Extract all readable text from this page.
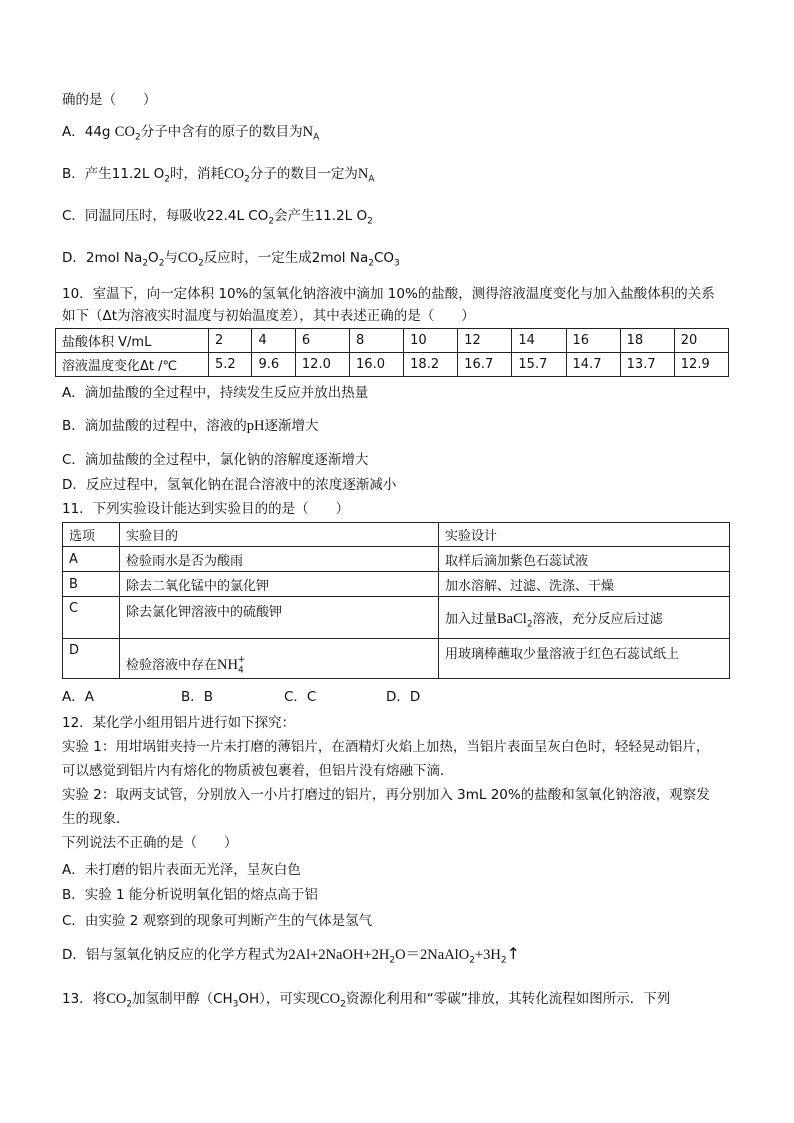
确的是（　　）
A．44g $CO_2$分子中含有的原子的数目为$N_A$
B．产生11.2L $O_2$时，消耗$CO_2$分子的数目一定为$N_A$
C．同温同压时，每吸收22.4L $CO_2$会产生11.2L $O_2$
D．2mol $Na_2O_2$与$CO_2$反应时，一定生成2mol $Na_2CO_3$
10．室温下，向一定体积 10%的氢氧化钠溶液中滴加 10%的盐酸，测得溶液温度变化与加入盐酸体积的关系
如下（Δt为溶液实时温度与初始温度差），其中表述正确的是（　　）
盐酸体积 V/mL	2	4	6	8	10	12	14	16	18	20
溶液温度变化Δt /℃	5.2	9.6	12.0	16.0	18.2	16.7	15.7	14.7	13.7	12.9
A．滴加盐酸的全过程中，持续发生反应并放出热量
B．滴加盐酸的过程中，溶液的pH逐渐增大
C．滴加盐酸的全过程中，氯化钠的溶解度逐渐增大
D．反应过程中，氢氧化钠在混合溶液中的浓度逐渐减小
11．下列实验设计能达到实验目的的是（　　）
选项	实验目的	实验设计
A	检验雨水是否为酸雨	取样后滴加紫色石蕊试液
B	除去二氧化锰中的氯化钾	加水溶解、过滤、洗涤、干燥
C	除去氯化钾溶液中的硫酸钾	加入过量BaCl$_2$溶液，充分反应后过滤
D	检验溶液中存在$NH_4^+$	用玻璃棒蘸取少量溶液于红色石蕊试纸上
A．A	B．B	C．C	D．D
12．某化学小组用铝片进行如下探究：
实验 1：用坩埚钳夹持一片未打磨的薄铝片，在酒精灯火焰上加热，当铝片表面呈灰白色时，轻轻晃动铝片，
可以感觉到铝片内有熔化的物质被包裹着，但铝片没有熔融下滴．
实验 2：取两支试管，分别放入一小片打磨过的铝片，再分别加入 3mL 20%的盐酸和氢氧化钠溶液，观察发
生的现象．
下列说法不正确的是（　　）
A．未打磨的铝片表面无光泽，呈灰白色
B．实验 1 能分析说明氧化铝的熔点高于铝
C．由实验 2 观察到的现象可判断产生的气体是氢气
D．铝与氢氧化钠反应的化学方程式为$2Al+2NaOH+2H_2O=2NaAlO_2+3H_2↑$
13．将$CO_2$加氢制甲醇$(CH_3OH)$，可实现$CO_2$资源化利用和“零碳”排放，其转化流程如图所示．下列
